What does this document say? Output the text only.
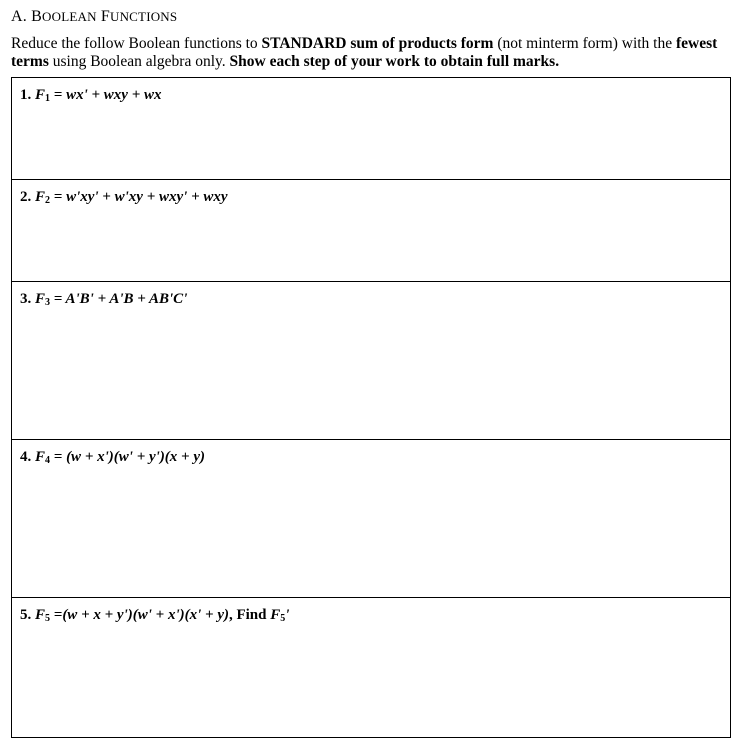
A. BOOLEAN FUNCTIONS
Reduce the follow Boolean functions to STANDARD sum of products form (not minterm form) with the fewest terms using Boolean algebra only. Show each step of your work to obtain full marks.
1. $F_1 = wx'$ + wxy + wx

2. $F_2 = w'xy' + w'xy + wxy'$ + wxy

3. $F_3 = A'B' + A'B + AB'C'$

4. $F_4 = (w + x')(w' + y')(x + y)$

5. $F_5 =(w + x + y')(w' + x')(x' + y)$, Find $F_5'$
